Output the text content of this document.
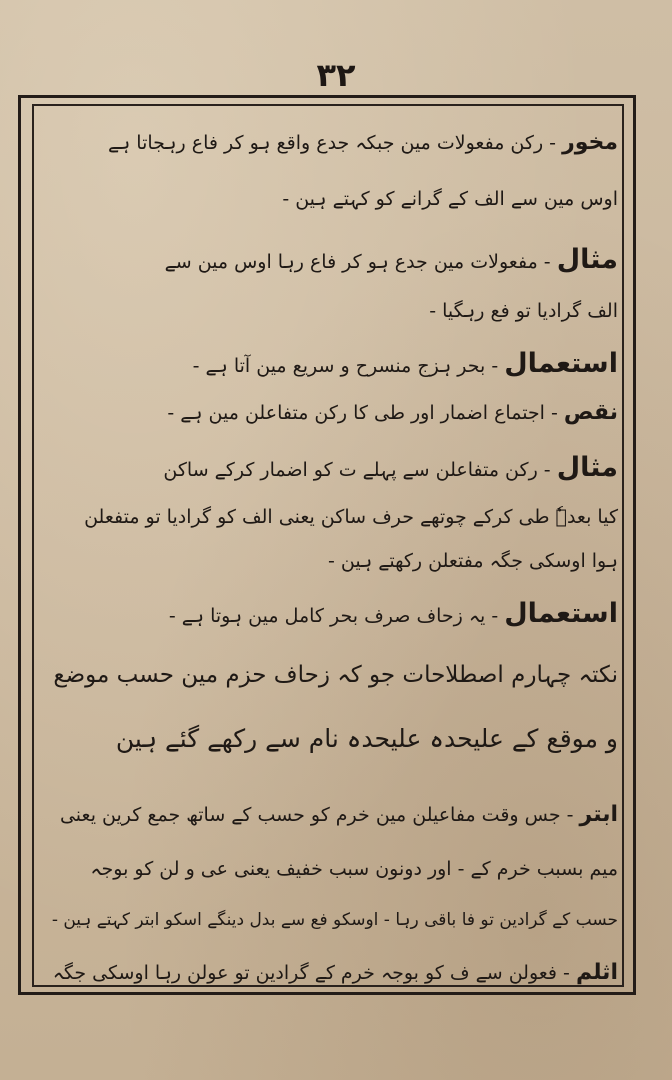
۳۲
مخور - رکن مفعولات مین جبکہ جدع واقع ہو کر فاع رہجاتا ہے
اوس مین سے الف کے گرانے کو کہتے ہین -
مثال - مفعولات مین جدع ہو کر فاع رہا اوس مین سے
الف گرادیا تو فع رہگیا -
استعمال - بحر ہزج منسرح و سریع مین آتا ہے -
نقص - اجتماع اضمار اور طی کا رکن متفاعلن مین ہے -
مثال - رکن متفاعلن سے پہلے ت کو اضمار کرکے ساکن
کیا بعدہٗ طی کرکے چوتھے حرف ساکن یعنی الف کو گرادیا تو متفعلن
ہوا اوسکی جگہ مفتعلن رکھتے ہین -
استعمال - یہ زحاف صرف بحر کامل مین ہوتا ہے -
نکتہ چہارم اصطلاحات جو کہ زحاف حزم مین حسب موضع
و موقع کے علیحدہ علیحدہ نام سے رکھے گئے ہین
ابتر - جس وقت مفاعیلن مین خرم کو حسب کے ساتھ جمع کرین یعنی
میم بسبب خرم کے - اور دونون سبب خفیف یعنی عی و لن کو بوجہ
حسب کے گرادین تو فا باقی رہا - اوسکو فع سے بدل دینگے اسکو ابتر کہتے ہین -
اثلم - فعولن سے ف کو بوجہ خرم کے گرادین تو عولن رہا اوسکی جگہ
